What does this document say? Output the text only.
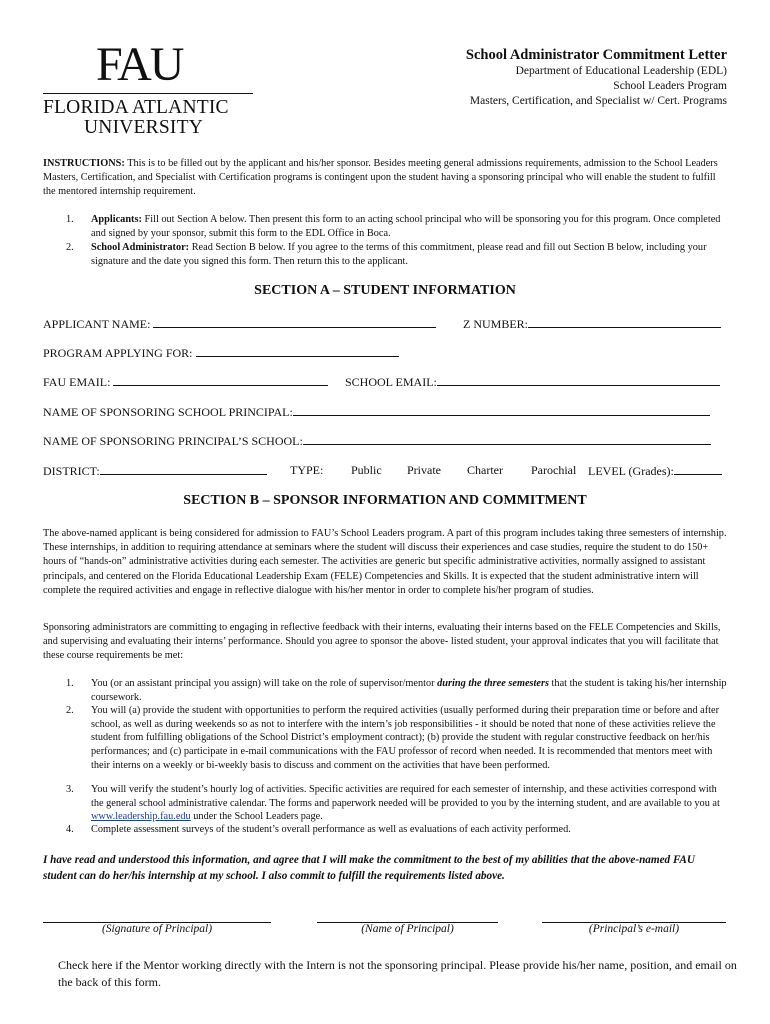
FAU
FLORIDA ATLANTIC
UNIVERSITY
School Administrator Commitment Letter
Department of Educational Leadership (EDL)
School Leaders Program
Masters, Certification, and Specialist w/ Cert. Programs
INSTRUCTIONS: This is to be filled out by the applicant and his/her sponsor. Besides meeting general admissions requirements, admission to the School Leaders Masters, Certification, and Specialist with Certification programs is contingent upon the student having a sponsoring principal who will enable the student to fulfill the mentored internship requirement.
1. Applicants: Fill out Section A below. Then present this form to an acting school principal who will be sponsoring you for this program. Once completed and signed by your sponsor, submit this form to the EDL Office in Boca.
2. School Administrator: Read Section B below. If you agree to the terms of this commitment, please read and fill out Section B below, including your signature and the date you signed this form. Then return this to the applicant.
SECTION A – STUDENT INFORMATION
APPLICANT NAME:	Z NUMBER:
PROGRAM APPLYING FOR:
FAU EMAIL:	SCHOOL EMAIL:
NAME OF SPONSORING SCHOOL PRINCIPAL:
NAME OF SPONSORING PRINCIPAL’S SCHOOL:
DISTRICT:	TYPE: Public Private Charter Parochial LEVEL (Grades):
SECTION B – SPONSOR INFORMATION AND COMMITMENT
The above-named applicant is being considered for admission to FAU’s School Leaders program. A part of this program includes taking three semesters of internship. These internships, in addition to requiring attendance at seminars where the student will discuss their experiences and case studies, require the student to do 150+ hours of “hands-on” administrative activities during each semester. The activities are generic but specific administrative activities, normally assigned to assistant principals, and centered on the Florida Educational Leadership Exam (FELE) Competencies and Skills. It is expected that the student administrative intern will complete the required activities and engage in reflective dialogue with his/her mentor in order to complete his/her program of studies.
Sponsoring administrators are committing to engaging in reflective feedback with their interns, evaluating their interns based on the FELE Competencies and Skills, and supervising and evaluating their interns’ performance. Should you agree to sponsor the above- listed student, your approval indicates that you will facilitate that these course requirements be met:
1. You (or an assistant principal you assign) will take on the role of supervisor/mentor during the three semesters that the student is taking his/her internship coursework.
2. You will (a) provide the student with opportunities to perform the required activities (usually performed during their preparation time or before and after school, as well as during weekends so as not to interfere with the intern’s job responsibilities - it should be noted that none of these activities relieve the student from fulfilling obligations of the School District’s employment contract); (b) provide the student with regular constructive feedback on her/his performances; and (c) participate in e-mail communications with the FAU professor of record when needed. It is recommended that mentors meet with their interns on a weekly or bi-weekly basis to discuss and comment on the activities that have been performed.
3. You will verify the student’s hourly log of activities. Specific activities are required for each semester of internship, and these activities correspond with the general school administrative calendar. The forms and paperwork needed will be provided to you by the interning student, and are available to you at www.leadership.fau.edu under the School Leaders page.
4. Complete assessment surveys of the student’s overall performance as well as evaluations of each activity performed.
I have read and understood this information, and agree that I will make the commitment to the best of my abilities that the above-named FAU student can do her/his internship at my school. I also commit to fulfill the requirements listed above.
(Signature of Principal)	(Name of Principal)	(Principal’s e-mail)
Check here if the Mentor working directly with the Intern is not the sponsoring principal. Please provide his/her name, position, and email on the back of this form.
